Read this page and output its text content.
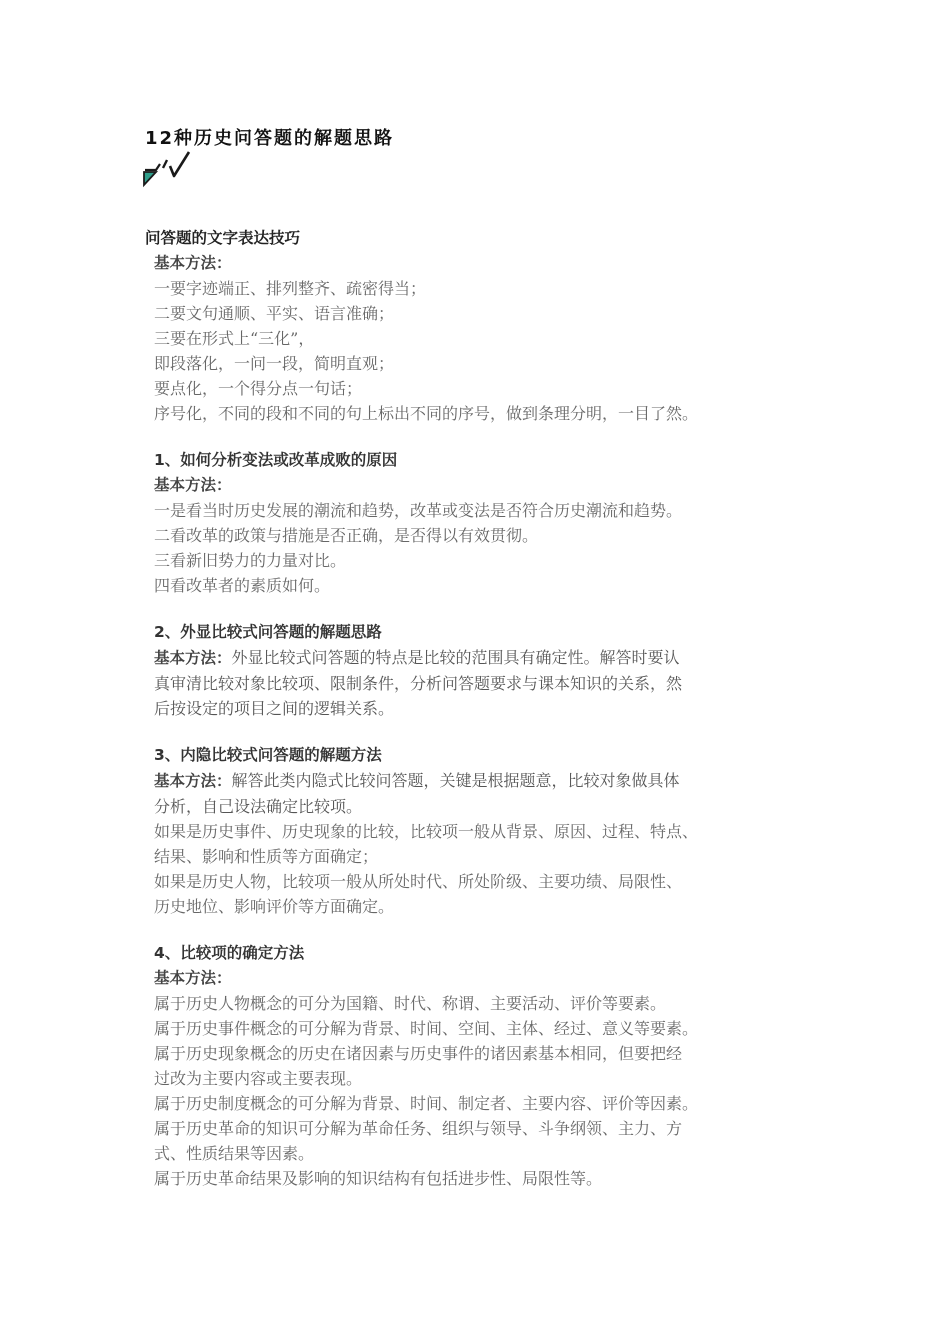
12种历史问答题的解题思路
问答题的文字表达技巧
基本方法：
一要字迹端正、排列整齐、疏密得当；
二要文句通顺、平实、语言准确；
三要在形式上“三化”，
即段落化，一问一段，简明直观；
要点化，一个得分点一句话；
序号化，不同的段和不同的句上标出不同的序号，做到条理分明，一目了然。
1、如何分析变法或改革成败的原因
基本方法：
一是看当时历史发展的潮流和趋势，改革或变法是否符合历史潮流和趋势。
二看改革的政策与措施是否正确，是否得以有效贯彻。
三看新旧势力的力量对比。
四看改革者的素质如何。
2、外显比较式问答题的解题思路
基本方法：外显比较式问答题的特点是比较的范围具有确定性。解答时要认
真审清比较对象比较项、限制条件，分析问答题要求与课本知识的关系，然
后按设定的项目之间的逻辑关系。
3、内隐比较式问答题的解题方法
基本方法：解答此类内隐式比较问答题，关键是根据题意，比较对象做具体
分析，自己设法确定比较项。
如果是历史事件、历史现象的比较，比较项一般从背景、原因、过程、特点、
结果、影响和性质等方面确定；
如果是历史人物，比较项一般从所处时代、所处阶级、主要功绩、局限性、
历史地位、影响评价等方面确定。
4、比较项的确定方法
基本方法：
属于历史人物概念的可分为国籍、时代、称谓、主要活动、评价等要素。
属于历史事件概念的可分解为背景、时间、空间、主体、经过、意义等要素。
属于历史现象概念的历史在诸因素与历史事件的诸因素基本相同，但要把经
过改为主要内容或主要表现。
属于历史制度概念的可分解为背景、时间、制定者、主要内容、评价等因素。
属于历史革命的知识可分解为革命任务、组织与领导、斗争纲领、主力、方
式、性质结果等因素。
属于历史革命结果及影响的知识结构有包括进步性、局限性等。
